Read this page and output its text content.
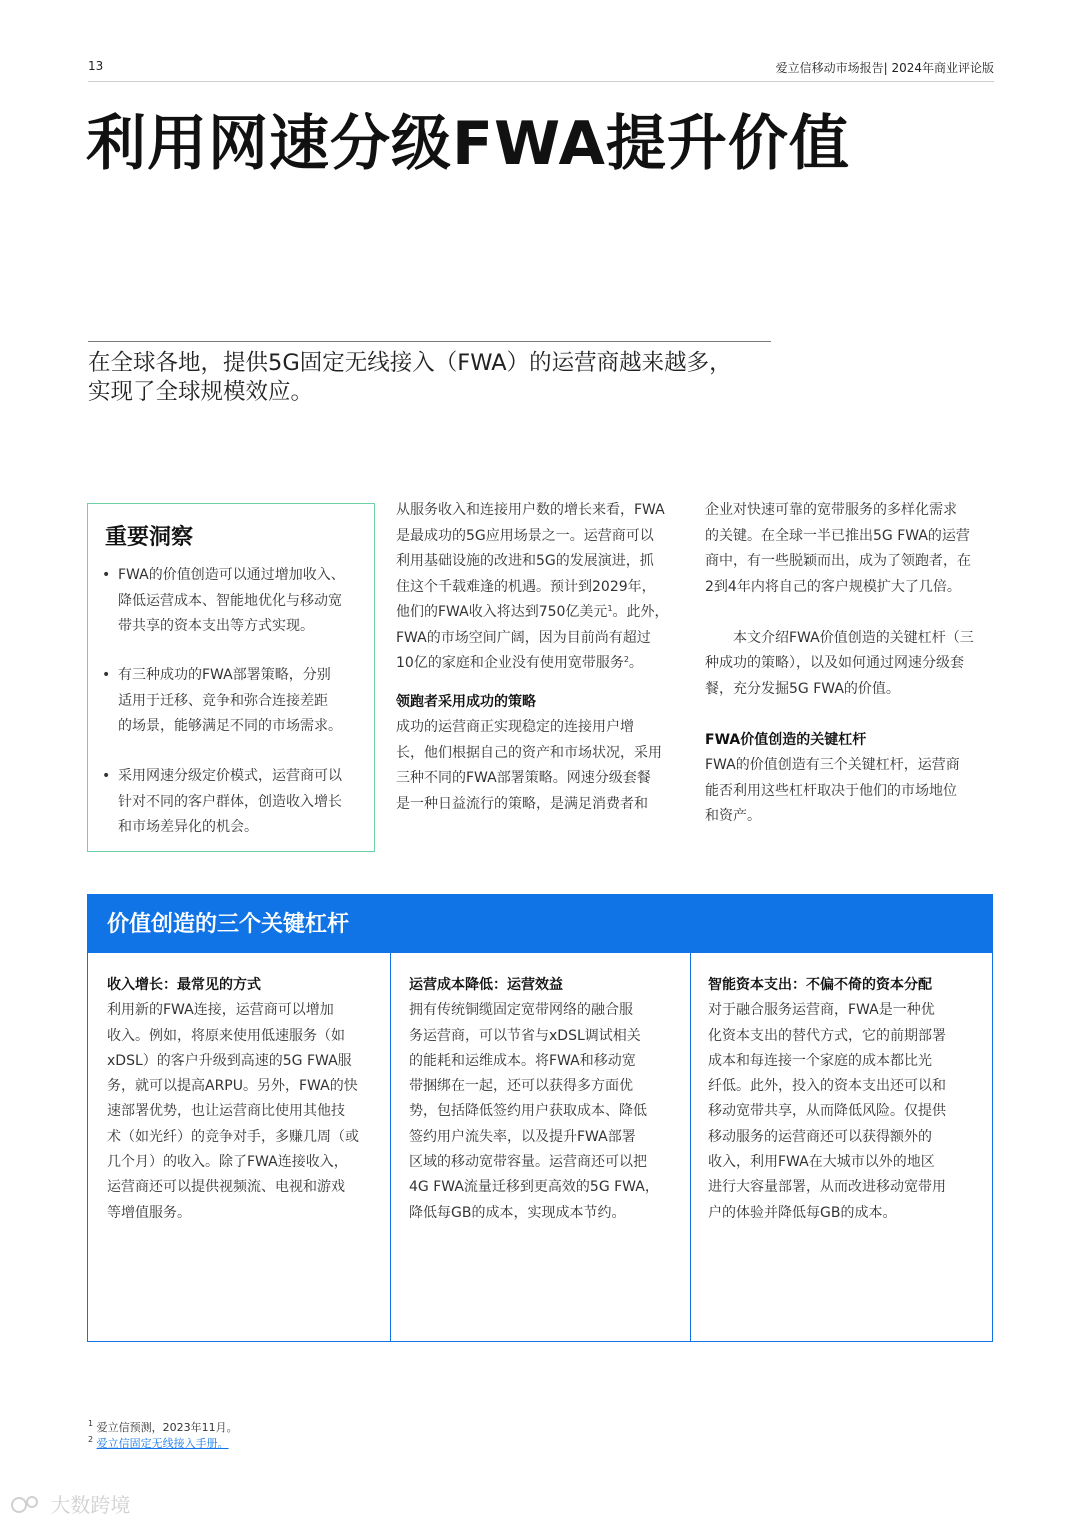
13	爱立信移动市场报告| 2024年商业评论版
利用网速分级FWA提升价值

在全球各地，提供5G固定无线接入（FWA）的运营商越来越多，
实现了全球规模效应。

重要洞察
• FWA的价值创造可以通过增加收入、
降低运营成本、智能地优化与移动宽
带共享的资本支出等方式实现。
• 有三种成功的FWA部署策略，分别
适用于迁移、竞争和弥合连接差距
的场景，能够满足不同的市场需求。
• 采用网速分级定价模式，运营商可以
针对不同的客户群体，创造收入增长
和市场差异化的机会。
从服务收入和连接用户数的增长来看，FWA
是最成功的5G应用场景之一。运营商可以
利用基础设施的改进和5G的发展演进，抓
住这个千载难逢的机遇。预计到2029年，
他们的FWA收入将达到750亿美元$^1$。此外，
FWA的市场空间广阔，因为目前尚有超过
10亿的家庭和企业没有使用宽带服务$^2$。
领跑者采用成功的策略
成功的运营商正实现稳定的连接用户增
长，他们根据自己的资产和市场状况，采用
三种不同的FWA部署策略。网速分级套餐
是一种日益流行的策略，是满足消费者和
企业对快速可靠的宽带服务的多样化需求
的关键。在全球一半已推出5G FWA的运营
商中，有一些脱颖而出，成为了领跑者，在
2到4年内将自己的客户规模扩大了几倍。
本文介绍FWA价值创造的关键杠杆（三
种成功的策略），以及如何通过网速分级套
餐，充分发掘5G FWA的价值。
FWA价值创造的关键杠杆
FWA的价值创造有三个关键杠杆，运营商
能否利用这些杠杆取决于他们的市场地位
和资产。
价值创造的三个关键杠杆
收入增长：最常见的方式
利用新的FWA连接，运营商可以增加
收入。例如，将原来使用低速服务（如
xDSL）的客户升级到高速的5G FWA服
务，就可以提高ARPU。另外，FWA的快
速部署优势，也让运营商比使用其他技
术（如光纤）的竞争对手，多赚几周（或
几个月）的收入。除了FWA连接收入，
运营商还可以提供视频流、电视和游戏
等增值服务。
运营成本降低：运营效益
拥有传统铜缆固定宽带网络的融合服
务运营商，可以节省与xDSL调试相关
的能耗和运维成本。将FWA和移动宽
带捆绑在一起，还可以获得多方面优
势，包括降低签约用户获取成本、降低
签约用户流失率，以及提升FWA部署
区域的移动宽带容量。运营商还可以把
4G FWA流量迁移到更高效的5G FWA，
降低每GB的成本，实现成本节约。
智能资本支出：不偏不倚的资本分配
对于融合服务运营商，FWA是一种优
化资本支出的替代方式，它的前期部署
成本和每连接一个家庭的成本都比光
纤低。此外，投入的资本支出还可以和
移动宽带共享，从而降低风险。仅提供
移动服务的运营商还可以获得额外的
收入，利用FWA在大城市以外的地区
进行大容量部署，从而改进移动宽带用
户的体验并降低每GB的成本。
$^1$ 爱立信预测，2023年11月。
$^2$ 爱立信固定无线接入手册。
大数跨境
